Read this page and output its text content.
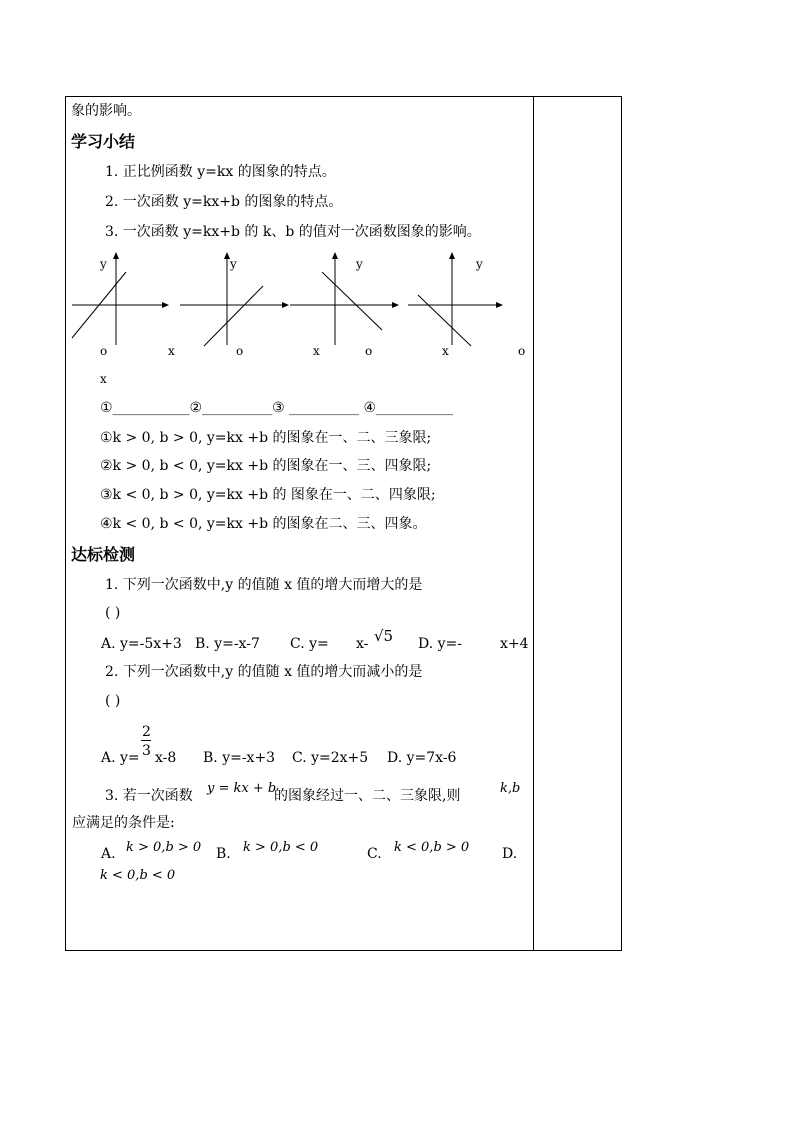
象的影响。
学习小结
1. 正比例函数 y=kx 的图象的特点。
2. 一次函数 y=kx+b 的图象的特点。
3. 一次函数 y=kx+b 的 k、b 的值对一次函数图象的影响。
y	y	y	y
o	x	o	x	o	x	o
x
①___________②__________③ __________ ④___________
①k > 0, b > 0, y=kx +b 的图象在一、二、三象限;
②k > 0, b < 0, y=kx +b 的图象在一、三、四象限;
③k < 0, b > 0, y=kx +b 的 图象在一、二、四象限;
④k < 0, b < 0, y=kx +b 的图象在二、三、四象。
达标检测
1. 下列一次函数中,y 的值随 x 值的增大而增大的是
( )
A. y=-5x+3 B. y=-x-7 C. y= x- √5 D. y=-	x+4
2. 下列一次函数中,y 的值随 x 值的增大而减小的是
( )
2
3
A. y= x-8 B. y=-x+3 C. y=2x+5 D. y=7x-6
3. 若一次函数 y = kx + b
的图象经过一、二、三象限,则	k,b
应满足的条件是:
A. k > 0,b > 0 B. k > 0,b < 0	C. k < 0,b > 0 D.
k < 0,b < 0
